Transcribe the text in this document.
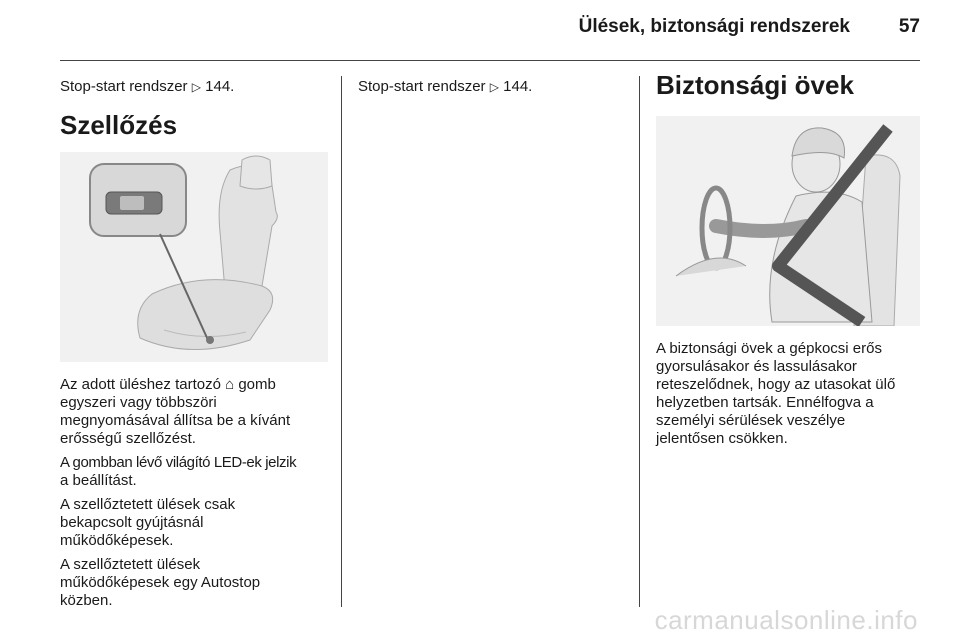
Ülések, biztonsági rendszerek	57

Stop-start rendszer ▷ 144.

Szellőzés

Az adott üléshez tartozó ⌂ gomb
egyszeri vagy többszöri
megnyomásával állítsa be a kívánt
erősségű szellőzést.

A gombban lévő világító LED-ek jelzik
a beállítást.

A szellőztetett ülések csak
bekapcsolt gyújtásnál
működőképesek.

A szellőztetett ülések
működőképesek egy Autostop
közben.

Stop-start rendszer ▷ 144.	Biztonsági övek

A biztonsági övek a gépkocsi erős
gyorsulásakor és lassulásakor
reteszelődnek, hogy az utasokat ülő
helyzetben tartsák. Ennélfogva a
személyi sérülések veszélye
jelentősen csökken.

carmanualsonline.info
